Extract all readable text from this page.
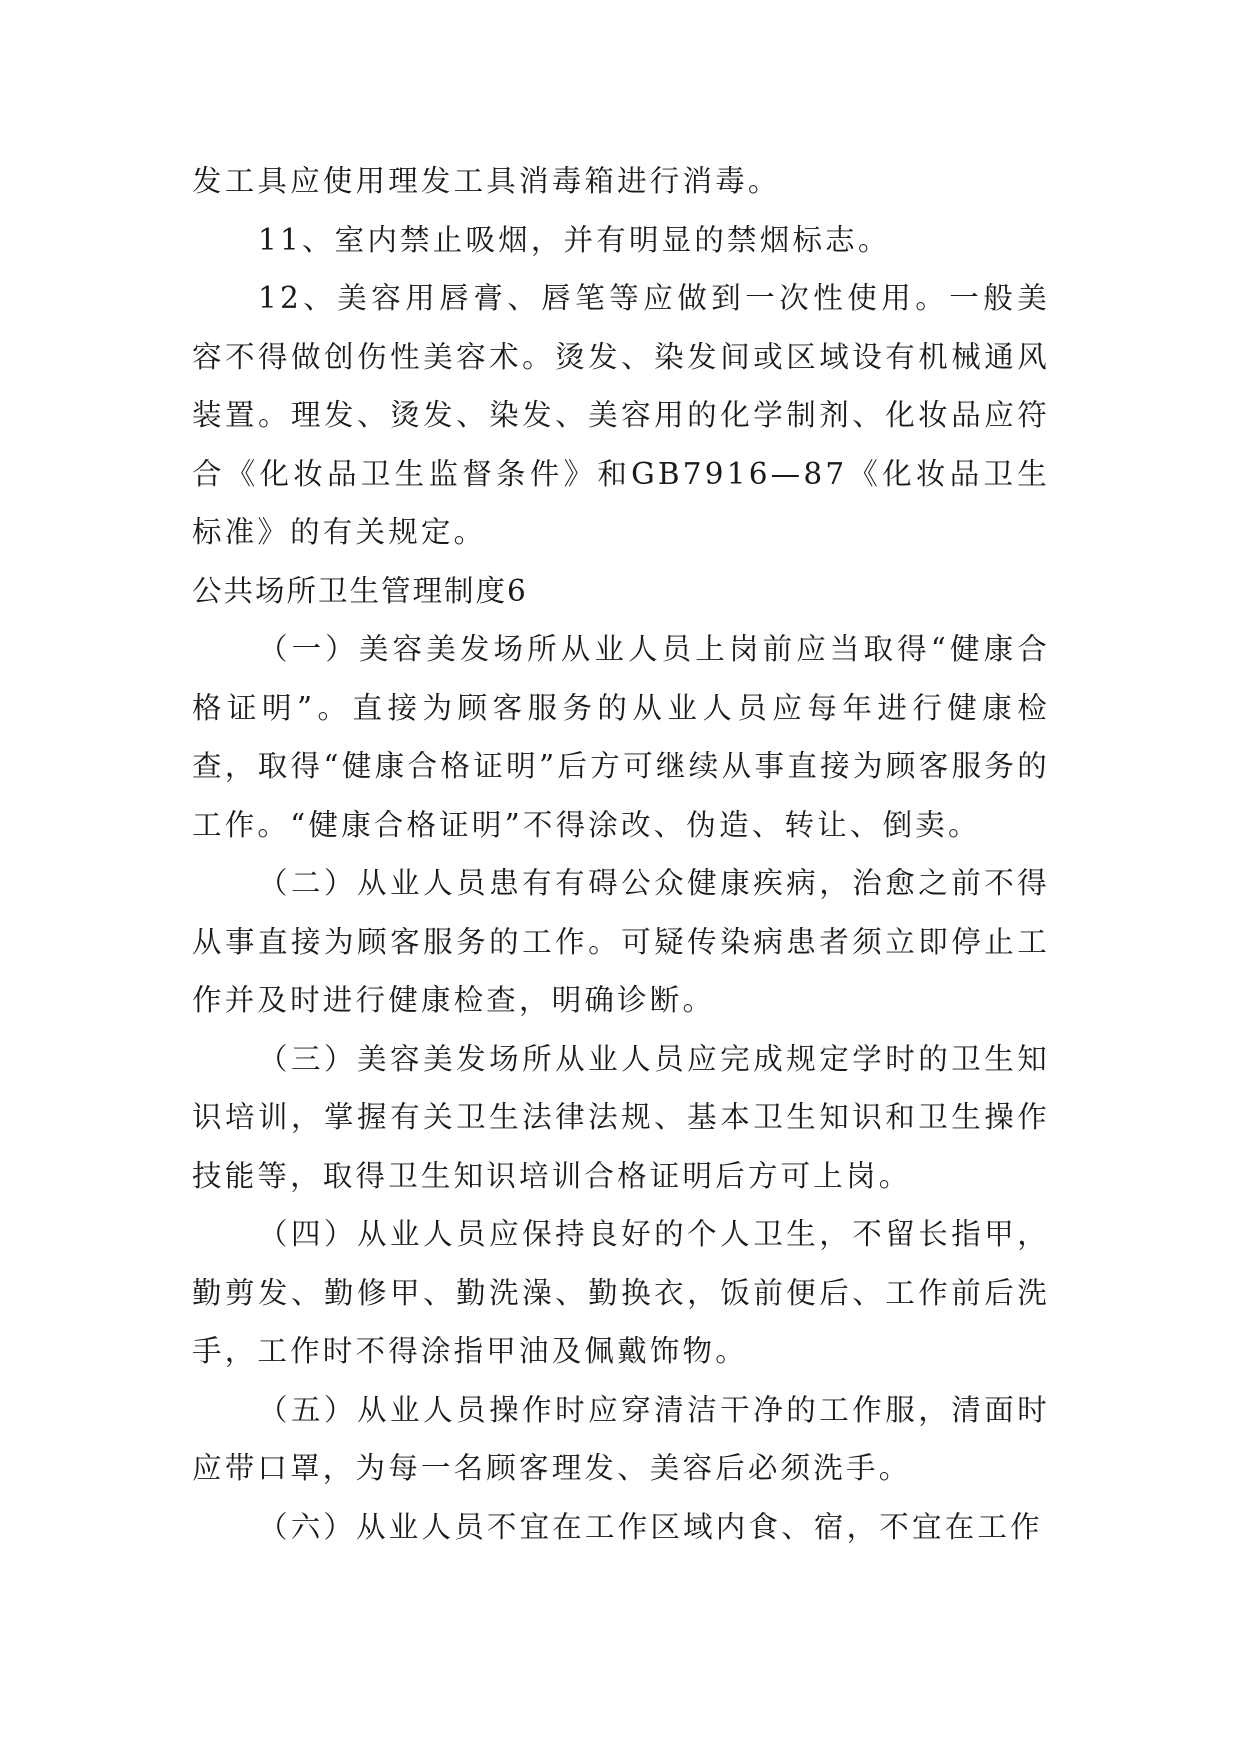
发工具应使用理发工具消毒箱进行消毒。

11、室内禁止吸烟，并有明显的禁烟标志。

12、美容用唇膏、唇笔等应做到一次性使用。一般美容不得做创伤性美容术。烫发、染发间或区域设有机械通风装置。理发、烫发、染发、美容用的化学制剂、化妆品应符合《化妆品卫生监督条件》和GB7916—87《化妆品卫生标准》的有关规定。

公共场所卫生管理制度6

（一）美容美发场所从业人员上岗前应当取得“健康合格证明”。直接为顾客服务的从业人员应每年进行健康检查，取得“健康合格证明”后方可继续从事直接为顾客服务的工作。“健康合格证明”不得涂改、伪造、转让、倒卖。

（二）从业人员患有有碍公众健康疾病，治愈之前不得从事直接为顾客服务的工作。可疑传染病患者须立即停止工作并及时进行健康检查，明确诊断。

（三）美容美发场所从业人员应完成规定学时的卫生知识培训，掌握有关卫生法律法规、基本卫生知识和卫生操作技能等，取得卫生知识培训合格证明后方可上岗。

（四）从业人员应保持良好的个人卫生，不留长指甲，勤剪发、勤修甲、勤洗澡、勤换衣，饭前便后、工作前后洗手，工作时不得涂指甲油及佩戴饰物。

（五）从业人员操作时应穿清洁干净的工作服，清面时应带口罩，为每一名顾客理发、美容后必须洗手。

（六）从业人员不宜在工作区域内食、宿，不宜在工作
